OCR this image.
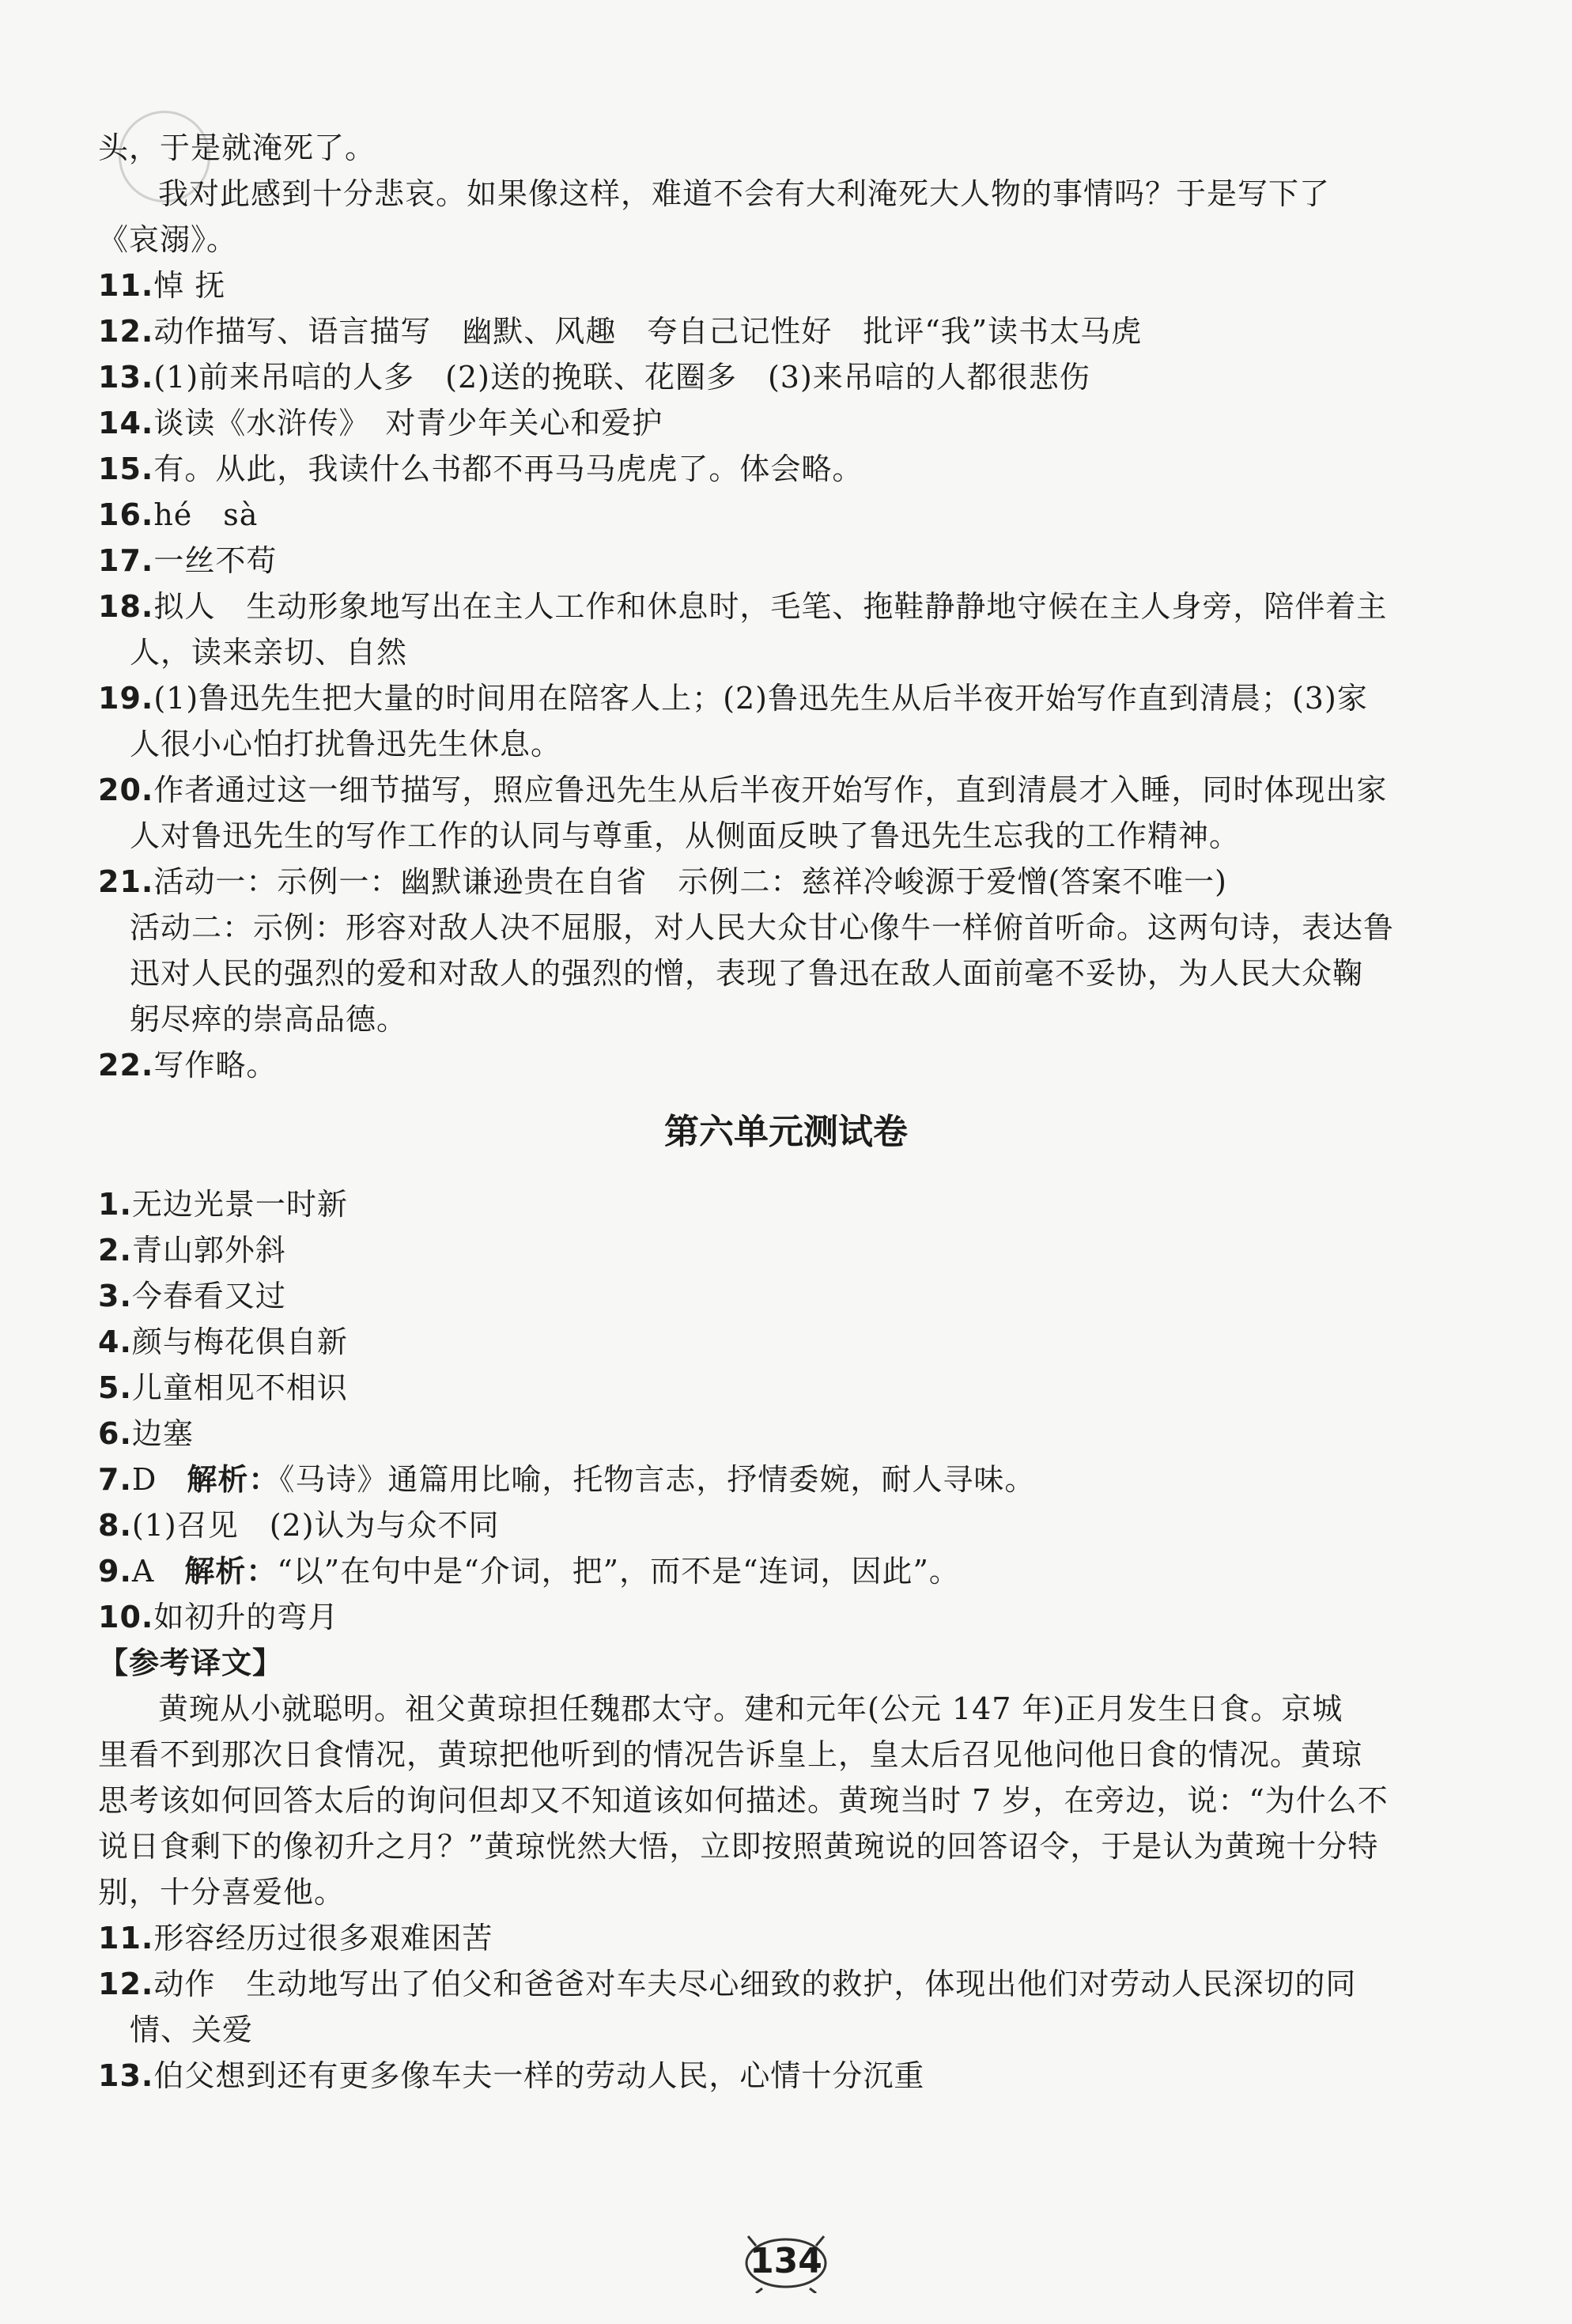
头，于是就淹死了。
我对此感到十分悲哀。如果像这样，难道不会有大利淹死大人物的事情吗？于是写下了
《哀溺》。
11.悼 抚
12.动作描写、语言描写　幽默、风趣　夸自己记性好　批评“我”读书太马虎
13.(1)前来吊唁的人多　(2)送的挽联、花圈多　(3)来吊唁的人都很悲伤
14.谈读《水浒传》　对青少年关心和爱护
15.有。从此，我读什么书都不再马马虎虎了。体会略。
16.hé　sà
17.一丝不苟
18.拟人　生动形象地写出在主人工作和休息时，毛笔、拖鞋静静地守候在主人身旁，陪伴着主
人，读来亲切、自然
19.(1)鲁迅先生把大量的时间用在陪客人上；(2)鲁迅先生从后半夜开始写作直到清晨；(3)家
人很小心怕打扰鲁迅先生休息。
20.作者通过这一细节描写，照应鲁迅先生从后半夜开始写作，直到清晨才入睡，同时体现出家
人对鲁迅先生的写作工作的认同与尊重，从侧面反映了鲁迅先生忘我的工作精神。
21.活动一：示例一：幽默谦逊贵在自省　示例二：慈祥冷峻源于爱憎(答案不唯一)
活动二：示例：形容对敌人决不屈服，对人民大众甘心像牛一样俯首听命。这两句诗，表达鲁
迅对人民的强烈的爱和对敌人的强烈的憎，表现了鲁迅在敌人面前毫不妥协，为人民大众鞠
躬尽瘁的崇高品德。
22.写作略。
第六单元测试卷
1.无边光景一时新
2.青山郭外斜
3.今春看又过
4.颜与梅花俱自新
5.儿童相见不相识
6.边塞
7.D 解析：《马诗》通篇用比喻，托物言志，抒情委婉，耐人寻味。
8.(1)召见　(2)认为与众不同
9.A 解析：“以”在句中是“介词，把”，而不是“连词，因此”。
10.如初升的弯月
【参考译文】
黄琬从小就聪明。祖父黄琼担任魏郡太守。建和元年(公元 147 年)正月发生日食。京城
里看不到那次日食情况，黄琼把他听到的情况告诉皇上，皇太后召见他问他日食的情况。黄琼
思考该如何回答太后的询问但却又不知道该如何描述。黄琬当时 7 岁，在旁边，说：“为什么不
说日食剩下的像初升之月？”黄琼恍然大悟，立即按照黄琬说的回答诏令，于是认为黄琬十分特
别，十分喜爱他。
11.形容经历过很多艰难困苦
12.动作　生动地写出了伯父和爸爸对车夫尽心细致的救护，体现出他们对劳动人民深切的同
情、关爱
13.伯父想到还有更多像车夫一样的劳动人民，心情十分沉重
134
